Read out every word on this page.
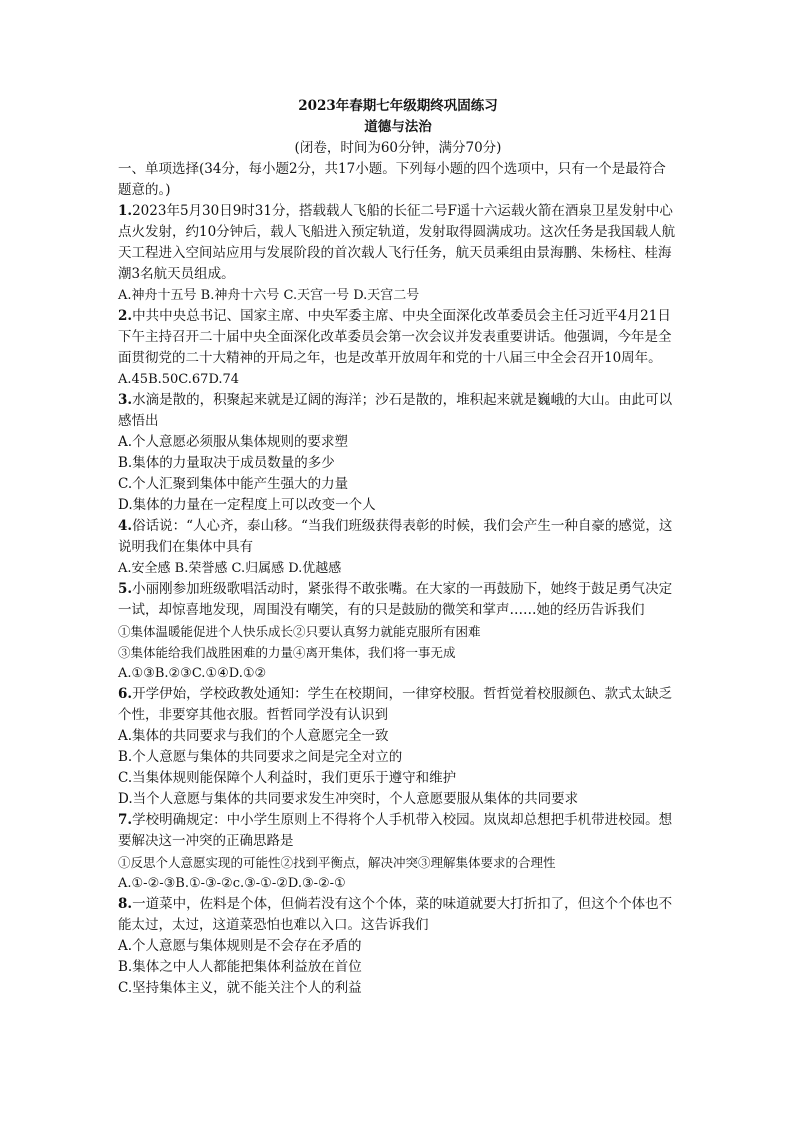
2023年春期七年级期终巩固练习
道德与法治
(闭卷，时间为60分钟，满分70分)
一、单项选择(34分，每小题2分，共17小题。下列每小题的四个选项中，只有一个是最符合题意的。)

1.2023年5月30日9时31分，搭载载人飞船的长征二号F遥十六运载火箭在酒泉卫星发射中心点火发射，约10分钟后，载人飞船进入预定轨道，发射取得圆满成功。这次任务是我国载人航天工程进入空间站应用与发展阶段的首次载人飞行任务，航天员乘组由景海鹏、朱杨柱、桂海潮3名航天员组成。

A.神舟十五号 B.神舟十六号 C.天宫一号 D.天宫二号

2.中共中央总书记、国家主席、中央军委主席、中央全面深化改革委员会主任习近平4月21日下午主持召开二十届中央全面深化改革委员会第一次会议并发表重要讲话。他强调，今年是全面贯彻党的二十大精神的开局之年，也是改革开放周年和党的十八届三中全会召开10周年。

A.45B.50C.67D.74

3.水滴是散的，积聚起来就是辽阔的海洋；沙石是散的，堆积起来就是巍峨的大山。由此可以感悟出

A.个人意愿必须服从集体规则的要求塑

B.集体的力量取决于成员数量的多少

C.个人汇聚到集体中能产生强大的力量

D.集体的力量在一定程度上可以改变一个人

4.俗话说：“人心齐，泰山移。“当我们班级获得表彰的时候，我们会产生一种自豪的感觉，这说明我们在集体中具有

A.安全感 B.荣誉感 C.归属感 D.优越感

5.小丽刚参加班级歌唱活动时，紧张得不敢张嘴。在大家的一再鼓励下，她终于鼓足勇气决定一试，却惊喜地发现，周围没有嘲笑，有的只是鼓励的微笑和掌声……她的经历告诉我们

①集体温暖能促进个人快乐成长②只要认真努力就能克服所有困难

③集体能给我们战胜困难的力量④离开集体，我们将一事无成

A.①③B.②③C.①④D.①②

6.开学伊始，学校政教处通知：学生在校期间，一律穿校服。哲哲觉着校服颜色、款式太缺乏个性，非要穿其他衣服。哲哲同学没有认识到

A.集体的共同要求与我们的个人意愿完全一致

B.个人意愿与集体的共同要求之间是完全对立的

C.当集体规则能保障个人利益时，我们更乐于遵守和维护

D.当个人意愿与集体的共同要求发生冲突时，个人意愿要服从集体的共同要求

7.学校明确规定：中小学生原则上不得将个人手机带入校园。岚岚却总想把手机带进校园。想要解决这一冲突的正确思路是

①反思个人意愿实现的可能性②找到平衡点，解决冲突③理解集体要求的合理性

A.①-②-③B.①-③-②c.③-①-②D.③-②-①

8.一道菜中，佐料是个体，但倘若没有这个个体，菜的味道就要大打折扣了，但这个个体也不能太过，太过，这道菜恐怕也难以入口。这告诉我们

A.个人意愿与集体规则是不会存在矛盾的

B.集体之中人人都能把集体利益放在首位

C.坚持集体主义，就不能关注个人的利益
